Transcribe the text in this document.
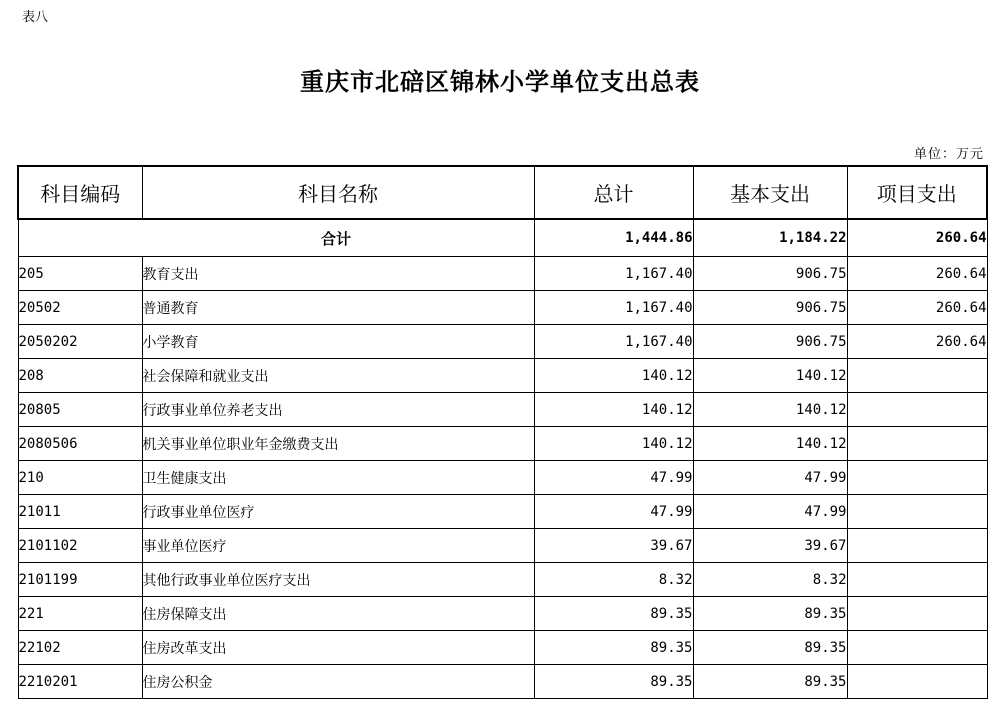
表八
重庆市北碚区锦林小学单位支出总表
单位：万元
科目编码	科目名称	总计	基本支出	项目支出
合计		1,444.86	1,184.22	260.64
205	教育支出	1,167.40	906.75	260.64
20502	普通教育	1,167.40	906.75	260.64
2050202	小学教育	1,167.40	906.75	260.64
208	社会保障和就业支出	140.12	140.12	
20805	行政事业单位养老支出	140.12	140.12	
2080506	机关事业单位职业年金缴费支出	140.12	140.12	
210	卫生健康支出	47.99	47.99	
21011	行政事业单位医疗	47.99	47.99	
2101102	事业单位医疗	39.67	39.67	
2101199	其他行政事业单位医疗支出	8.32	8.32	
221	住房保障支出	89.35	89.35	
22102	住房改革支出	89.35	89.35	
2210201	住房公积金	89.35	89.35	
